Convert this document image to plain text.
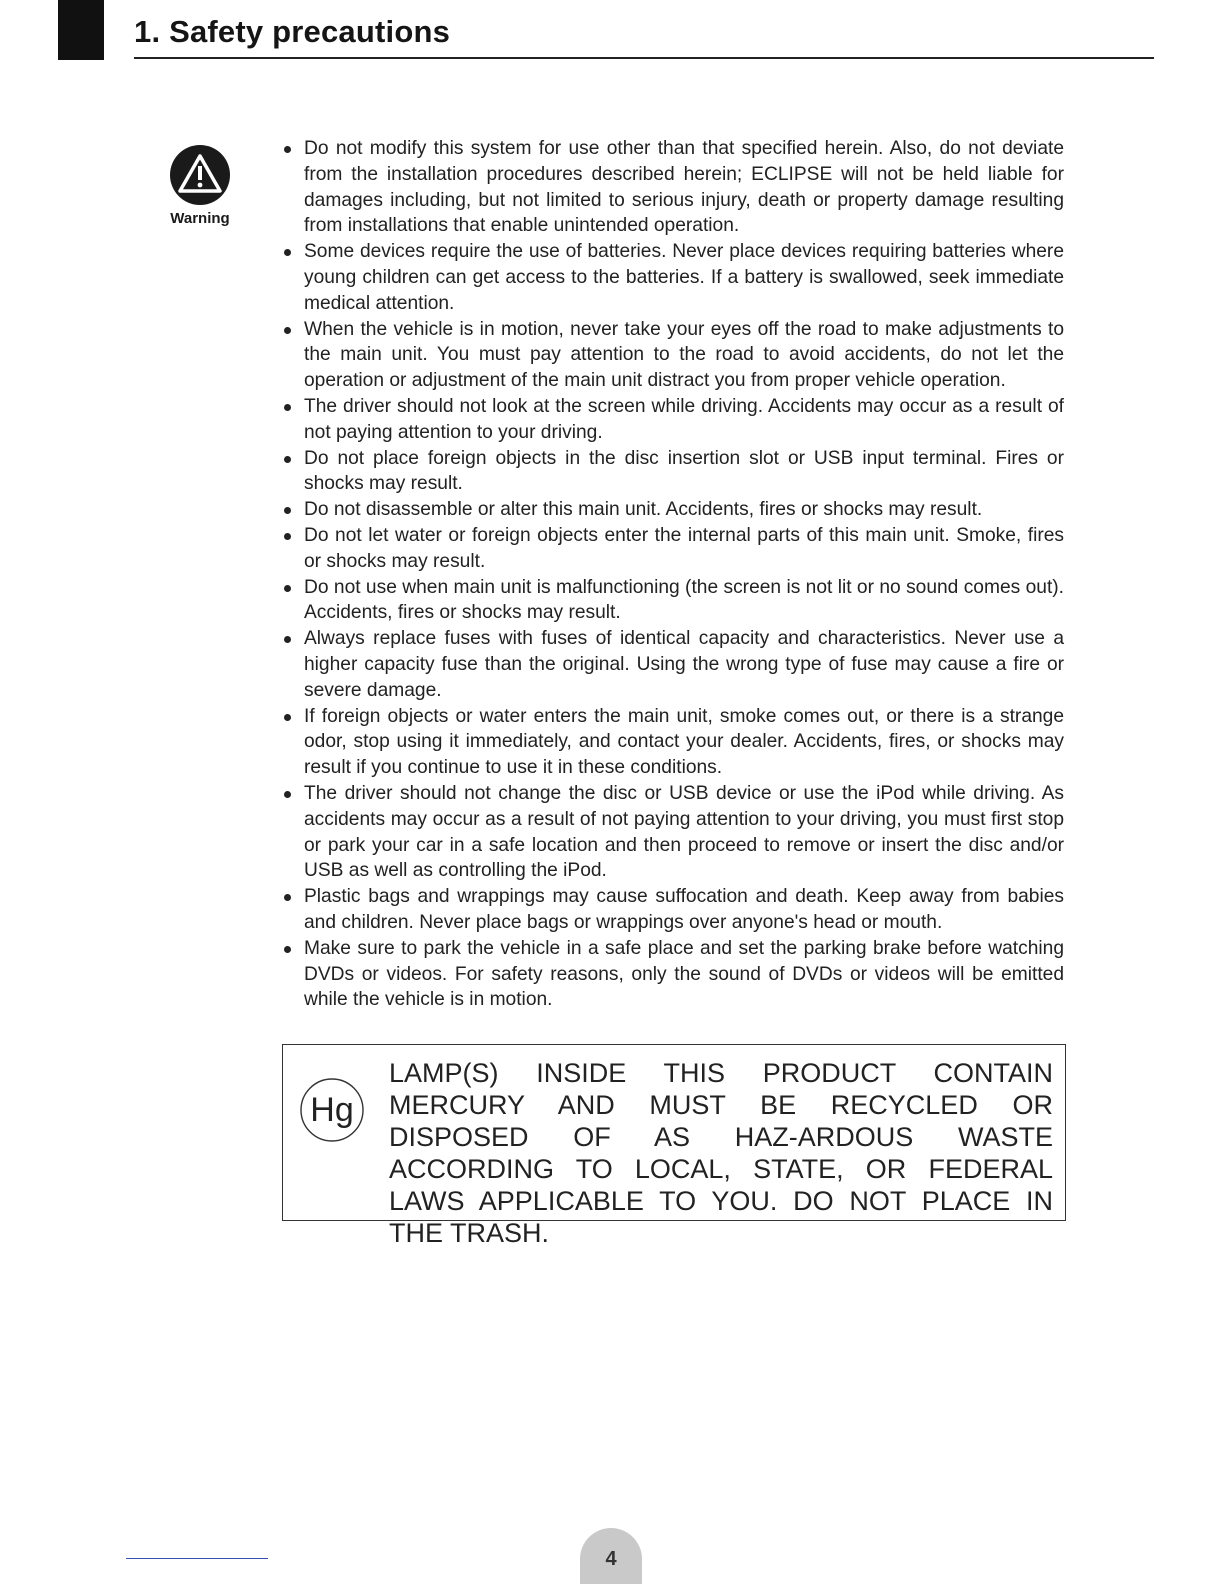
1. Safety precautions
Warning
Do not modify this system for use other than that specified herein. Also, do not deviate from the installation procedures described herein; ECLIPSE will not be held liable for damages including, but not limited to serious injury, death or property damage resulting from installations that enable unintended operation.
Some devices require the use of batteries. Never place devices requiring batteries where young children can get access to the batteries. If a battery is swallowed, seek immediate medical attention.
When the vehicle is in motion, never take your eyes off the road to make adjustments to the main unit. You must pay attention to the road to avoid accidents, do not let the operation or adjustment of the main unit distract you from proper vehicle operation.
The driver should not look at the screen while driving. Accidents may occur as a result of not paying attention to your driving.
Do not place foreign objects in the disc insertion slot or USB input terminal. Fires or shocks may result.
Do not disassemble or alter this main unit. Accidents, fires or shocks may result.
Do not let water or foreign objects enter the internal parts of this main unit. Smoke, fires or shocks may result.
Do not use when main unit is malfunctioning (the screen is not lit or no sound comes out). Accidents, fires or shocks may result.
Always replace fuses with fuses of identical capacity and characteristics. Never use a higher capacity fuse than the original. Using the wrong type of fuse may cause a fire or severe damage.
If foreign objects or water enters the main unit, smoke comes out, or there is a strange odor, stop using it immediately, and contact your dealer. Accidents, fires, or shocks may result if you continue to use it in these conditions.
The driver should not change the disc or USB device or use the iPod while driving. As accidents may occur as a result of not paying attention to your driving, you must first stop or park your car in a safe location and then proceed to remove or insert the disc and/or USB as well as controlling the iPod.
Plastic bags and wrappings may cause suffocation and death. Keep away from babies and children. Never place bags or wrappings over anyone's head or mouth.
Make sure to park the vehicle in a safe place and set the parking brake before watching DVDs or videos. For safety reasons, only the sound of DVDs or videos will be emitted while the vehicle is in motion.
Hg

LAMP(S) INSIDE THIS PRODUCT CONTAIN MERCURY AND MUST BE RECYCLED OR DISPOSED OF AS HAZ-ARDOUS WASTE ACCORDING TO LOCAL, STATE, OR FEDERAL LAWS APPLICABLE TO YOU. DO NOT PLACE IN THE TRASH.

4
